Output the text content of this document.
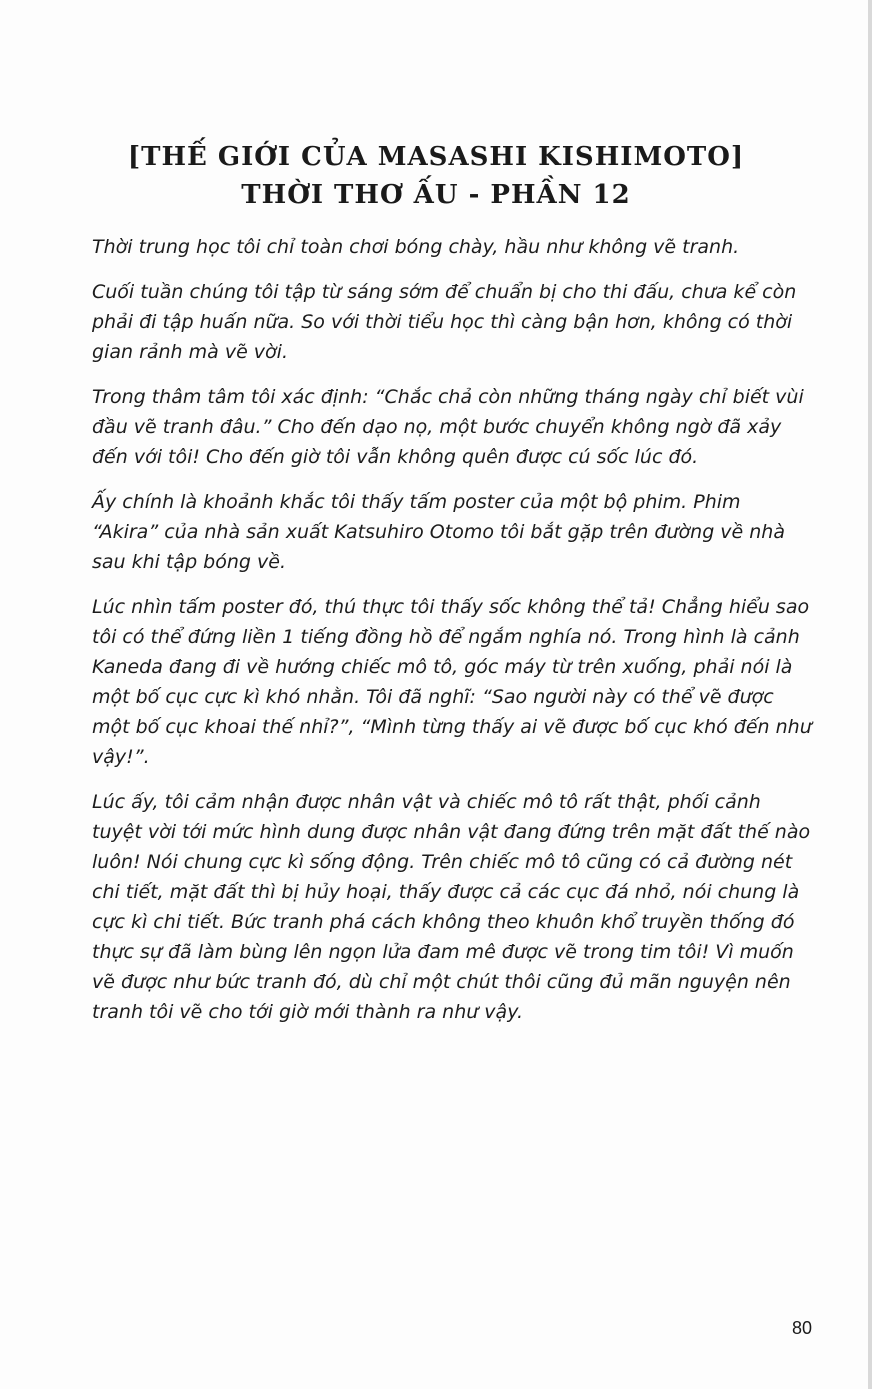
[THẾ GIỚI CỦA MASASHI KISHIMOTO]
THỜI THƠ ẤU - PHẦN 12

Thời trung học tôi chỉ toàn chơi bóng chày, hầu như không vẽ tranh.

Cuối tuần chúng tôi tập từ sáng sớm để chuẩn bị cho thi đấu, chưa kể còn phải đi tập huấn nữa. So với thời tiểu học thì càng bận hơn, không có thời gian rảnh mà vẽ vời.

Trong thâm tâm tôi xác định: “Chắc chả còn những tháng ngày chỉ biết vùi đầu vẽ tranh đâu.” Cho đến dạo nọ, một bước chuyển không ngờ đã xảy đến với tôi! Cho đến giờ tôi vẫn không quên được cú sốc lúc đó.

Ấy chính là khoảnh khắc tôi thấy tấm poster của một bộ phim. Phim “Akira” của nhà sản xuất Katsuhiro Otomo tôi bắt gặp trên đường về nhà sau khi tập bóng về.

Lúc nhìn tấm poster đó, thú thực tôi thấy sốc không thể tả! Chẳng hiểu sao tôi có thể đứng liền 1 tiếng đồng hồ để ngắm nghía nó. Trong hình là cảnh Kaneda đang đi về hướng chiếc mô tô, góc máy từ trên xuống, phải nói là một bố cục cực kì khó nhằn. Tôi đã nghĩ: “Sao người này có thể vẽ được một bố cục khoai thế nhỉ?”, “Mình từng thấy ai vẽ được bố cục khó đến như vậy!”.

Lúc ấy, tôi cảm nhận được nhân vật và chiếc mô tô rất thật, phối cảnh tuyệt vời tới mức hình dung được nhân vật đang đứng trên mặt đất thế nào luôn! Nói chung cực kì sống động. Trên chiếc mô tô cũng có cả đường nét chi tiết, mặt đất thì bị hủy hoại, thấy được cả các cục đá nhỏ, nói chung là cực kì chi tiết. Bức tranh phá cách không theo khuôn khổ truyền thống đó thực sự đã làm bùng lên ngọn lửa đam mê được vẽ trong tim tôi! Vì muốn vẽ được như bức tranh đó, dù chỉ một chút thôi cũng đủ mãn nguyện nên tranh tôi vẽ cho tới giờ mới thành ra như vậy.

80
